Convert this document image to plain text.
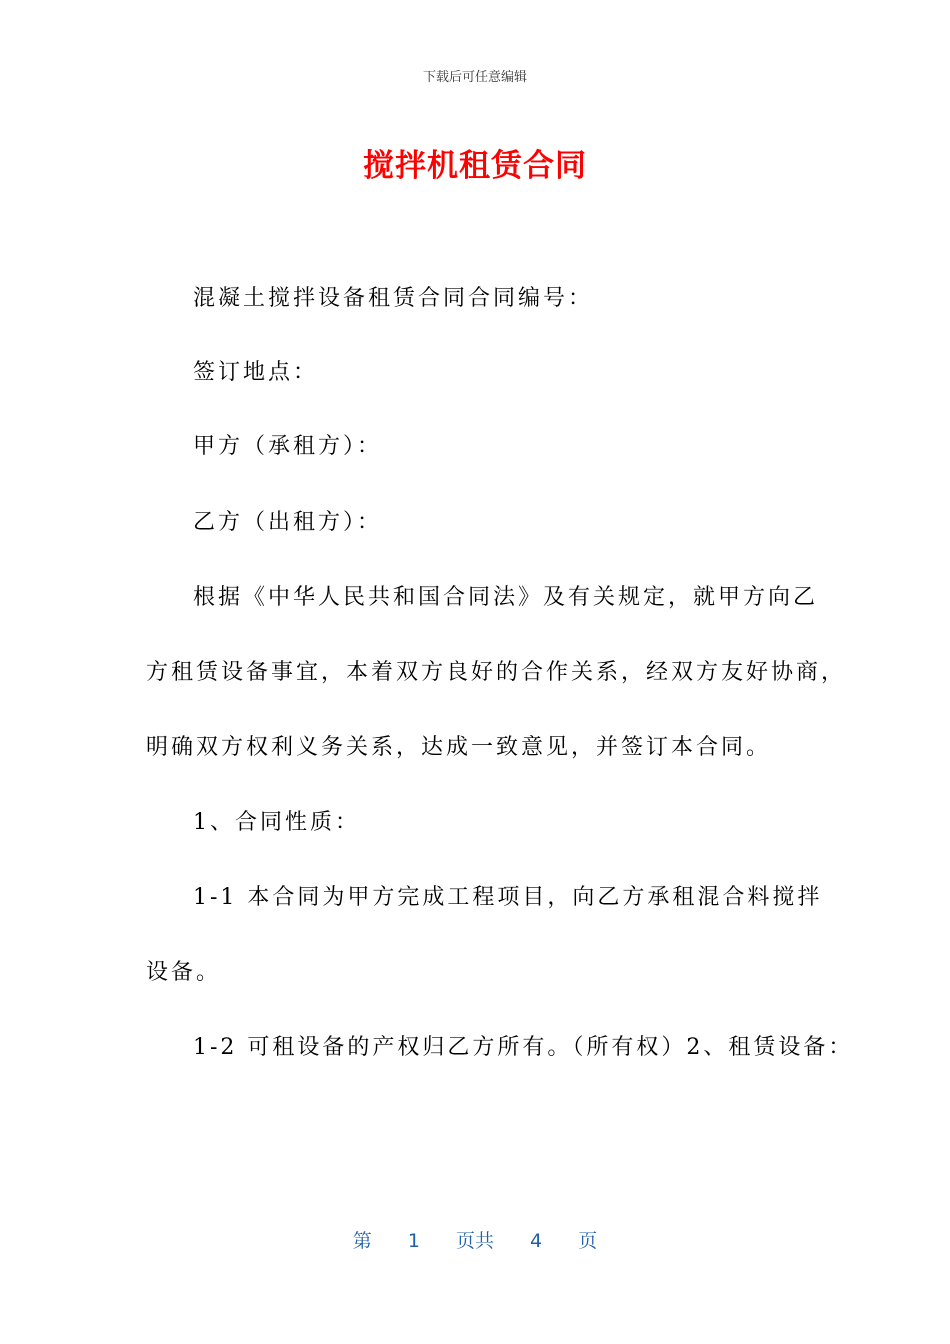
下载后可任意编辑
搅拌机租赁合同
混凝土搅拌设备租赁合同合同编号：
签订地点：
甲方（承租方）：
乙方（出租方）：
根据《中华人民共和国合同法》及有关规定，就甲方向乙
方租赁设备事宜，本着双方良好的合作关系，经双方友好协商，
明确双方权利义务关系，达成一致意见，并签订本合同。
1、合同性质：
1-1 本合同为甲方完成工程项目，向乙方承租混合料搅拌
设备。
1-2 可租设备的产权归乙方所有。（所有权）2、租赁设备：
第 1 页共 4 页
